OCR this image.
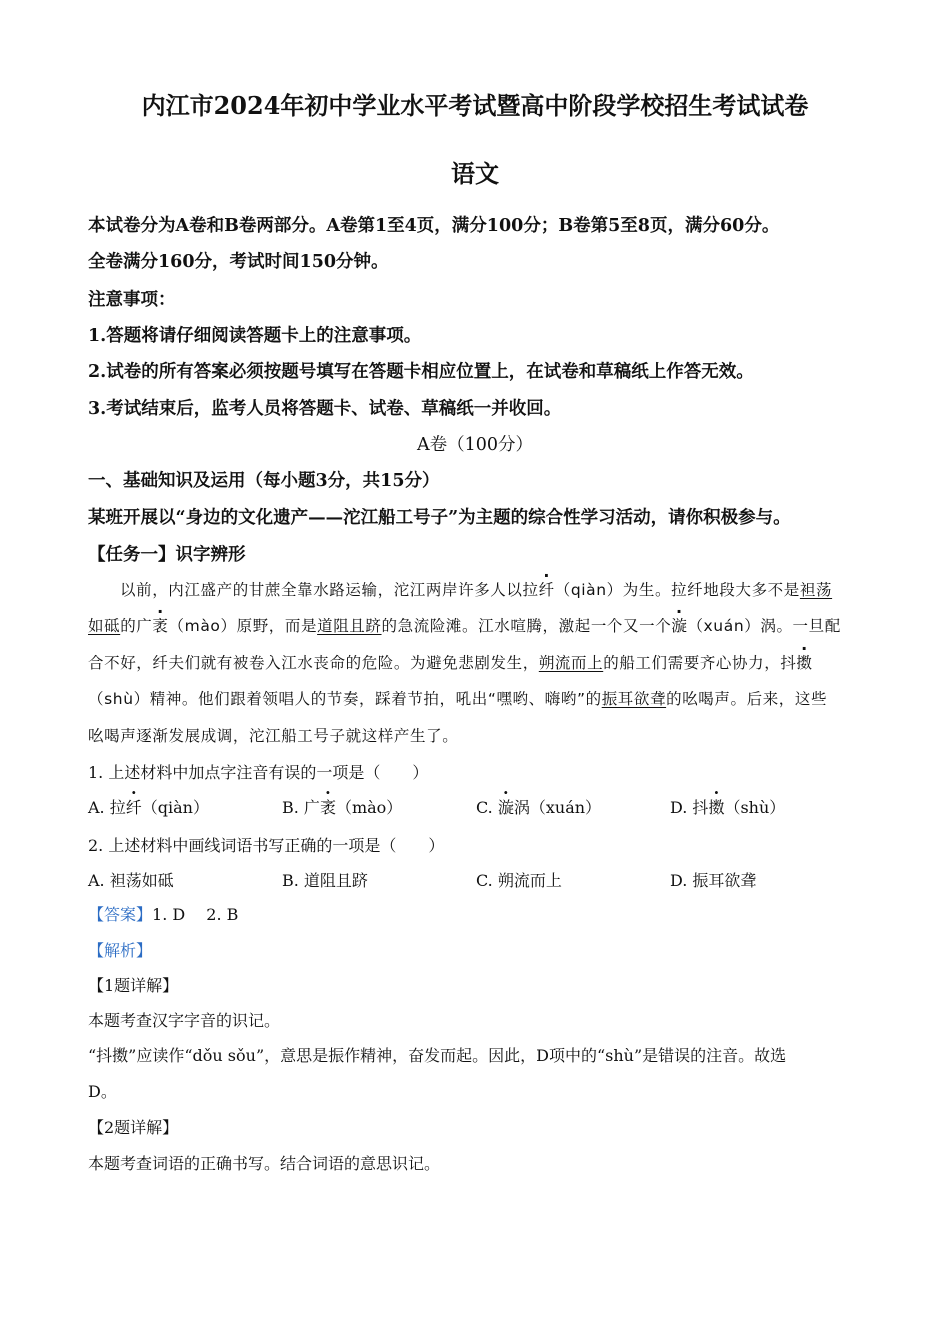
内江市2024年初中学业水平考试暨高中阶段学校招生考试试卷
语文
本试卷分为A卷和B卷两部分。A卷第1至4页，满分100分；B卷第5至8页，满分60分。
全卷满分160分，考试时间150分钟。
注意事项：
1.答题将请仔细阅读答题卡上的注意事项。
2.试卷的所有答案必须按题号填写在答题卡相应位置上，在试卷和草稿纸上作答无效。
3.考试结束后，监考人员将答题卡、试卷、草稿纸一并收回。
A卷（100分）
一、基础知识及运用（每小题3分，共15分）
某班开展以“身边的文化遗产——沱江船工号子”为主题的综合性学习活动，请你积极参与。
【任务一】识字辨形
以前，内江盛产的甘蔗全靠水路运输，沱江两岸许多人以拉纤（qiàn）为生。拉纤地段大多不是袒荡
如砥的广袤（mào）原野，而是道阻且跻的急流险滩。江水喧腾，激起一个又一个漩（xuán）涡。一旦配
合不好，纤夫们就有被卷入江水丧命的危险。为避免悲剧发生，朔流而上的船工们需要齐心协力，抖擞
（shù）精神。他们跟着领唱人的节奏，踩着节拍，吼出“嘿哟、嗨哟”的振耳欲聋的吆喝声。后来，这些
吆喝声逐渐发展成调，沱江船工号子就这样产生了。
1. 上述材料中加点字注音有误的一项是（　　）
A. 拉纤（qiàn）	B. 广袤（mào）	C. 漩涡（xuán）	D. 抖擞（shù）
2. 上述材料中画线词语书写正确的一项是（　　）
A. 袒荡如砥	B. 道阻且跻	C. 朔流而上	D. 振耳欲聋
【答案】1. D　 2. B
【解析】
【1题详解】
本题考查汉字字音的识记。
“抖擞”应读作“dǒu sǒu”，意思是振作精神，奋发而起。因此，D项中的“shù”是错误的注音。故选
D。
【2题详解】
本题考查词语的正确书写。结合词语的意思识记。
